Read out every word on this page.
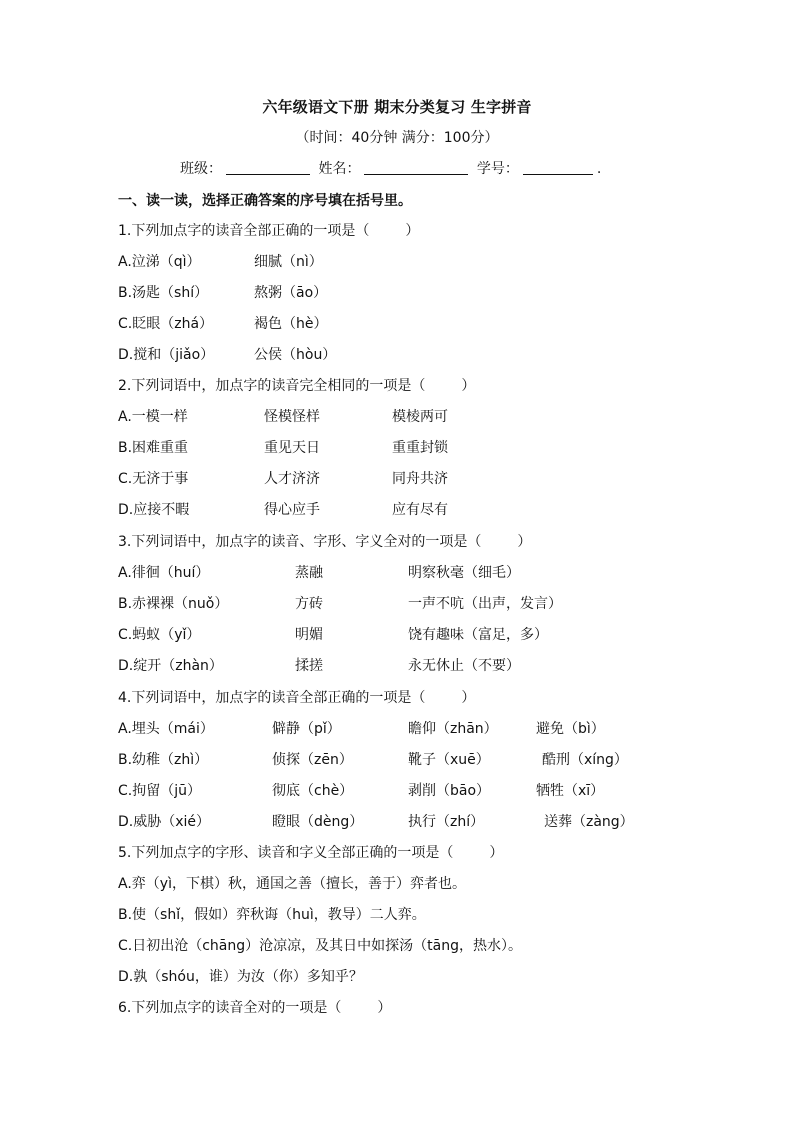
六年级语文下册 期末分类复习 生字拼音
（时间：40分钟 满分：100分）
班级：	姓名：	学号：	.
一、读一读，选择正确答案的序号填在括号里。
1.下列加点字的读音全部正确的一项是（	）
A.泣涕（qì）	细腻（nì）
B.汤匙（shí）	熬粥（āo）
C.眨眼（zhá）	褐色（hè）
D.搅和（jiǎo）	公侯（hòu）
2.下列词语中，加点字的读音完全相同的一项是（	）
A.一模一样	怪模怪样	模棱两可
B.困难重重	重见天日	重重封锁
C.无济于事	人才济济	同舟共济
D.应接不暇	得心应手	应有尽有
3.下列词语中，加点字的读音、字形、字义全对的一项是（	）
A.徘徊（huí）	蒸融	明察秋毫（细毛）
B.赤裸裸（nuǒ）	方砖	一声不吭（出声，发言）
C.蚂蚁（yǐ）	明媚	饶有趣味（富足，多）
D.绽开（zhàn）	揉搓	永无休止（不要）
4.下列词语中，加点字的读音全部正确的一项是（	）
A.埋头（mái）	僻静（pǐ）	瞻仰（zhān）	避免（bì）
B.幼稚（zhì）	侦探（zēn）	靴子（xuē）	酷刑（xíng）
C.拘留（jū）	彻底（chè）	剥削（bāo）	牺牲（xī）
D.威胁（xié）	瞪眼（dèng）	执行（zhí）	送葬（zàng）
5.下列加点字的字形、读音和字义全部正确的一项是（	）
A.弈（yì，下棋）秋，通国之善（擅长，善于）弈者也。
B.使（shǐ，假如）弈秋诲（huì，教导）二人弈。
C.日初出沧（chāng）沧凉凉，及其日中如探汤（tāng，热水）。
D.孰（shóu，谁）为汝（你）多知乎？
6.下列加点字的读音全对的一项是（	）
